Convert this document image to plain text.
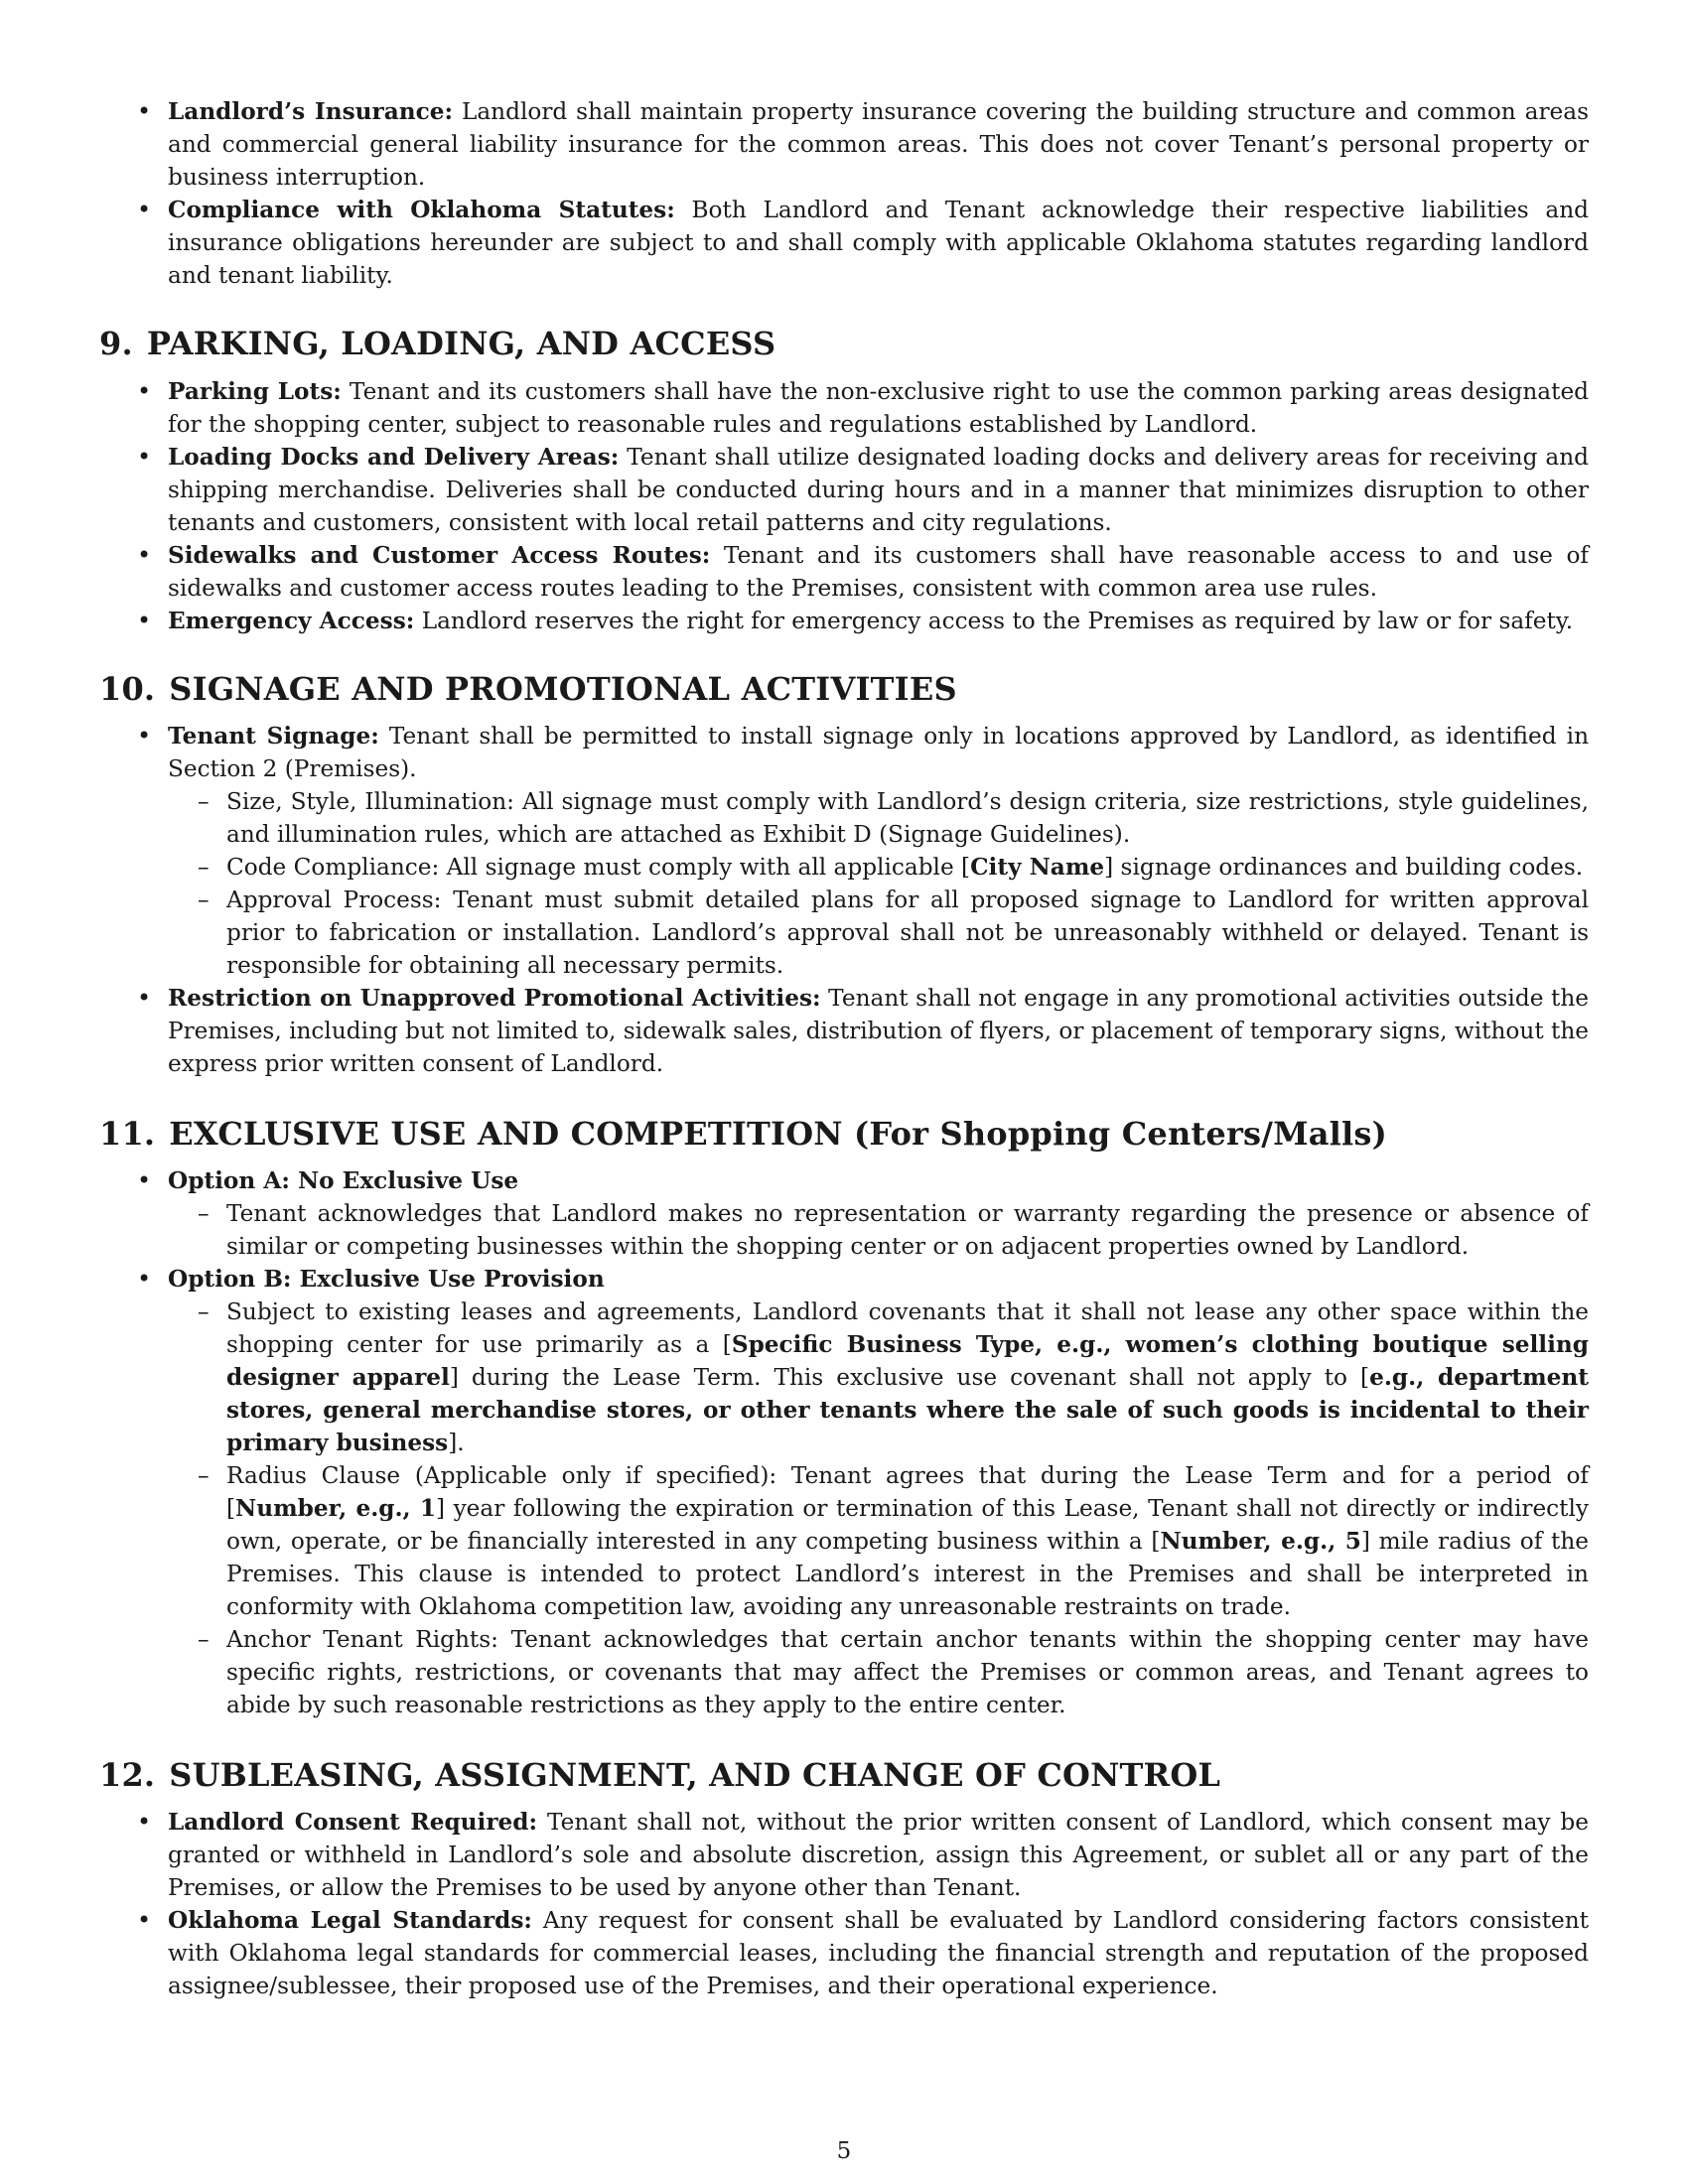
• Landlord’s Insurance: Landlord shall maintain property insurance covering the building structure and common areas and commercial general liability insurance for the common areas. This does not cover Tenant’s personal property or business interruption.
• Compliance with Oklahoma Statutes: Both Landlord and Tenant acknowledge their respective liabilities and insurance obligations hereunder are subject to and shall comply with applicable Oklahoma statutes regarding landlord and tenant liability.
9. PARKING, LOADING, AND ACCESS
• Parking Lots: Tenant and its customers shall have the non-exclusive right to use the common parking areas designated for the shopping center, subject to reasonable rules and regulations established by Landlord.
• Loading Docks and Delivery Areas: Tenant shall utilize designated loading docks and delivery areas for receiving and shipping merchandise. Deliveries shall be conducted during hours and in a manner that minimizes disruption to other tenants and customers, consistent with local retail patterns and city regulations.
• Sidewalks and Customer Access Routes: Tenant and its customers shall have reasonable access to and use of sidewalks and customer access routes leading to the Premises, consistent with common area use rules.
• Emergency Access: Landlord reserves the right for emergency access to the Premises as required by law or for safety.
10. SIGNAGE AND PROMOTIONAL ACTIVITIES
• Tenant Signage: Tenant shall be permitted to install signage only in locations approved by Landlord, as identified in Section 2 (Premises).
– Size, Style, Illumination: All signage must comply with Landlord’s design criteria, size restrictions, style guidelines, and illumination rules, which are attached as Exhibit D (Signage Guidelines).
– Code Compliance: All signage must comply with all applicable [City Name] signage ordinances and building codes.
– Approval Process: Tenant must submit detailed plans for all proposed signage to Landlord for written approval prior to fabrication or installation. Landlord’s approval shall not be unreasonably withheld or delayed. Tenant is responsible for obtaining all necessary permits.
• Restriction on Unapproved Promotional Activities: Tenant shall not engage in any promotional activities outside the Premises, including but not limited to, sidewalk sales, distribution of flyers, or placement of temporary signs, without the express prior written consent of Landlord.
11. EXCLUSIVE USE AND COMPETITION (For Shopping Centers/Malls)
• Option A: No Exclusive Use
– Tenant acknowledges that Landlord makes no representation or warranty regarding the presence or absence of similar or competing businesses within the shopping center or on adjacent properties owned by Landlord.
• Option B: Exclusive Use Provision
– Subject to existing leases and agreements, Landlord covenants that it shall not lease any other space within the shopping center for use primarily as a [Specific Business Type, e.g., women’s clothing boutique selling designer apparel] during the Lease Term. This exclusive use covenant shall not apply to [e.g., department stores, general merchandise stores, or other tenants where the sale of such goods is incidental to their primary business].
– Radius Clause (Applicable only if specified): Tenant agrees that during the Lease Term and for a period of [Number, e.g., 1] year following the expiration or termination of this Lease, Tenant shall not directly or indirectly own, operate, or be financially interested in any competing business within a [Number, e.g., 5] mile radius of the Premises. This clause is intended to protect Landlord’s interest in the Premises and shall be interpreted in conformity with Oklahoma competition law, avoiding any unreasonable restraints on trade.
– Anchor Tenant Rights: Tenant acknowledges that certain anchor tenants within the shopping center may have specific rights, restrictions, or covenants that may affect the Premises or common areas, and Tenant agrees to abide by such reasonable restrictions as they apply to the entire center.
12. SUBLEASING, ASSIGNMENT, AND CHANGE OF CONTROL
• Landlord Consent Required: Tenant shall not, without the prior written consent of Landlord, which consent may be granted or withheld in Landlord’s sole and absolute discretion, assign this Agreement, or sublet all or any part of the Premises, or allow the Premises to be used by anyone other than Tenant.
• Oklahoma Legal Standards: Any request for consent shall be evaluated by Landlord considering factors consistent with Oklahoma legal standards for commercial leases, including the financial strength and reputation of the proposed assignee/sublessee, their proposed use of the Premises, and their operational experience.
5
